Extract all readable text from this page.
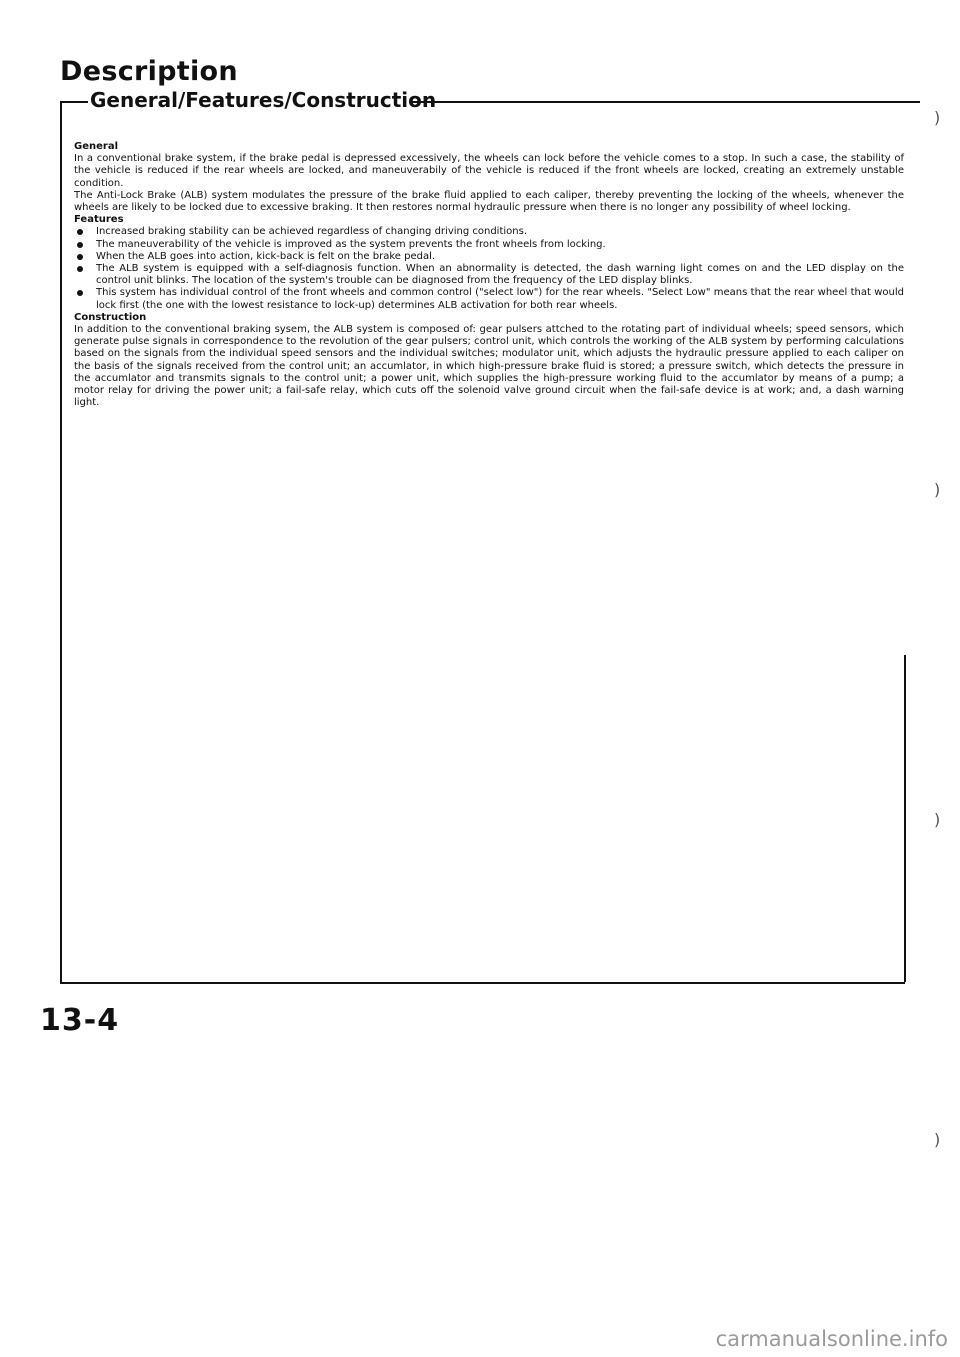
Description
General/Features/Construction

General

In a conventional brake system, if the brake pedal is depressed excessively, the wheels can lock before the vehicle comes to a stop. In such a case, the stability of the vehicle is reduced if the rear wheels are locked, and maneuverabily of the vehicle is reduced if the front wheels are locked, creating an extremely unstable condition.

The Anti-Lock Brake (ALB) system modulates the pressure of the brake fluid applied to each caliper, thereby preventing the locking of the wheels, whenever the wheels are likely to be locked due to excessive braking. It then restores normal hydraulic pressure when there is no longer any possibility of wheel locking.

Features

Increased braking stability can be achieved regardless of changing driving conditions.
The maneuverability of the vehicle is improved as the system prevents the front wheels from locking.
When the ALB goes into action, kick-back is felt on the brake pedal.
The ALB system is equipped with a self-diagnosis function. When an abnormality is detected, the dash warning light comes on and the LED display on the control unit blinks. The location of the system's trouble can be diagnosed from the frequency of the LED display blinks.
This system has individual control of the front wheels and common control ("select low") for the rear wheels. "Select Low" means that the rear wheel that would lock first (the one with the lowest resistance to lock-up) determines ALB activation for both rear wheels.

Construction

In addition to the conventional braking sysem, the ALB system is composed of: gear pulsers attched to the rotating part of individual wheels; speed sensors, which generate pulse signals in correspondence to the revolution of the gear pulsers; control unit, which controls the working of the ALB system by performing calculations based on the signals from the individual speed sensors and the individual switches; modulator unit, which adjusts the hydraulic pressure applied to each caliper on the basis of the signals received from the control unit; an accumlator, in which high-pressure brake fluid is stored; a pressure switch, which detects the pressure in the accumlator and transmits signals to the control unit; a power unit, which supplies the high-pressure working fluid to the accumlator by means of a pump; a motor relay for driving the power unit; a fail-safe relay, which cuts off the solenoid valve ground circuit when the fail-safe device is at work; and, a dash warning light.

)
)
)
)
13-4
carmanualsonline.info
